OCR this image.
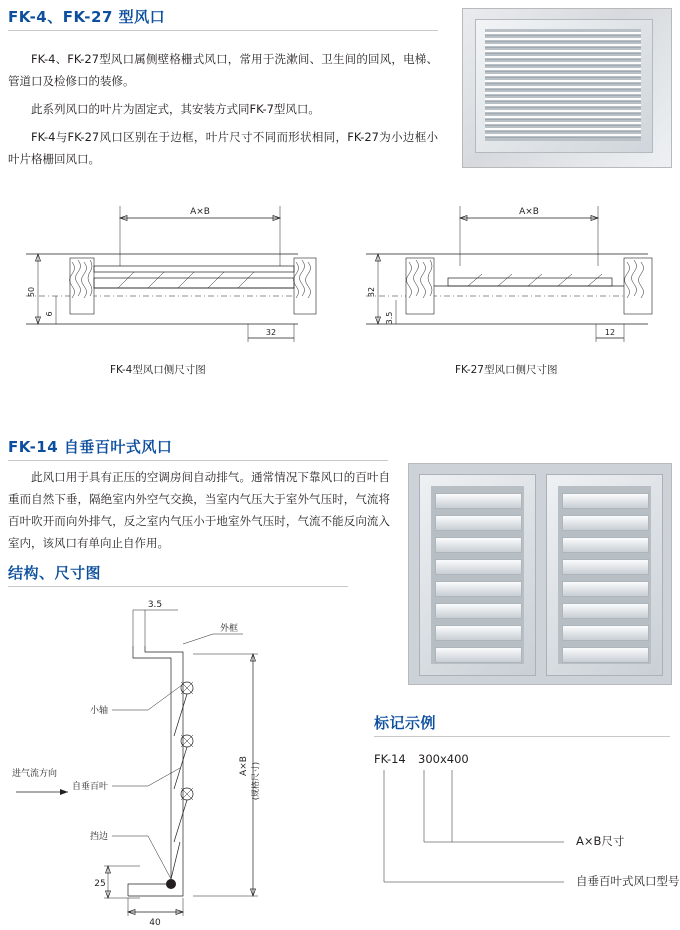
FK-4、FK-27 型风口
FK-4、FK-27型风口属侧壁格栅式风口，常用于洗漱间、卫生间的回风，电梯、管道口及检修口的装修。
此系列风口的叶片为固定式，其安装方式同FK-7型风口。
FK-4与FK-27风口区别在于边框，叶片尺寸不同而形状相同，FK-27为小边框小叶片格栅回风口。
A×B
50
6
32
FK-4型风口侧尺寸图
A×B
32
3.5
12
FK-27型风口侧尺寸图
FK-14 自垂百叶式风口
此风口用于具有正压的空调房间自动排气。通常情况下靠风口的百叶自重而自然下垂，隔绝室内外空气交换，当室内气压大于室外气压时，气流将百叶吹开而向外排气，反之室内气压小于地室外气压时，气流不能反向流入室内，该风口有单向止自作用。
结构、尺寸图
3.5
外框
小轴
自垂百叶
挡边
进气流方向
25
40
A×B (规格尺寸)
标记示例
FK-14 300x400
A×B尺寸
自垂百叶式风口型号
